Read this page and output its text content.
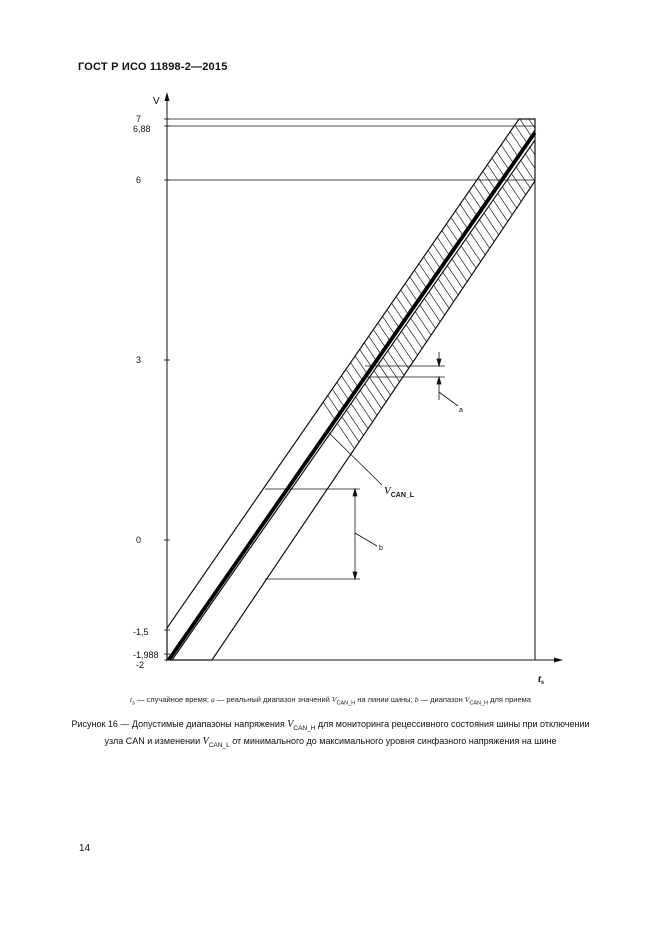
ГОСТ Р ИСО 11898-2—2015
7
6,88
6
3
0
-1,5
-1,988
-2
V
ts
a
b
$V_{CAN\_L}$
$t_s$ — случайное время; a — реальный диапазон значений $V_{CAN\_H}$ на линии шины; b — диапазон $V_{CAN\_H}$ для приема
Рисунок 16 — Допустимые диапазоны напряжения $V_{CAN\_H}$ для мониторинга рецессивного состояния шины при отключении узла CAN и изменении $V_{CAN\_L}$ от минимального до максимального уровня синфазного напряжения на шине
14
